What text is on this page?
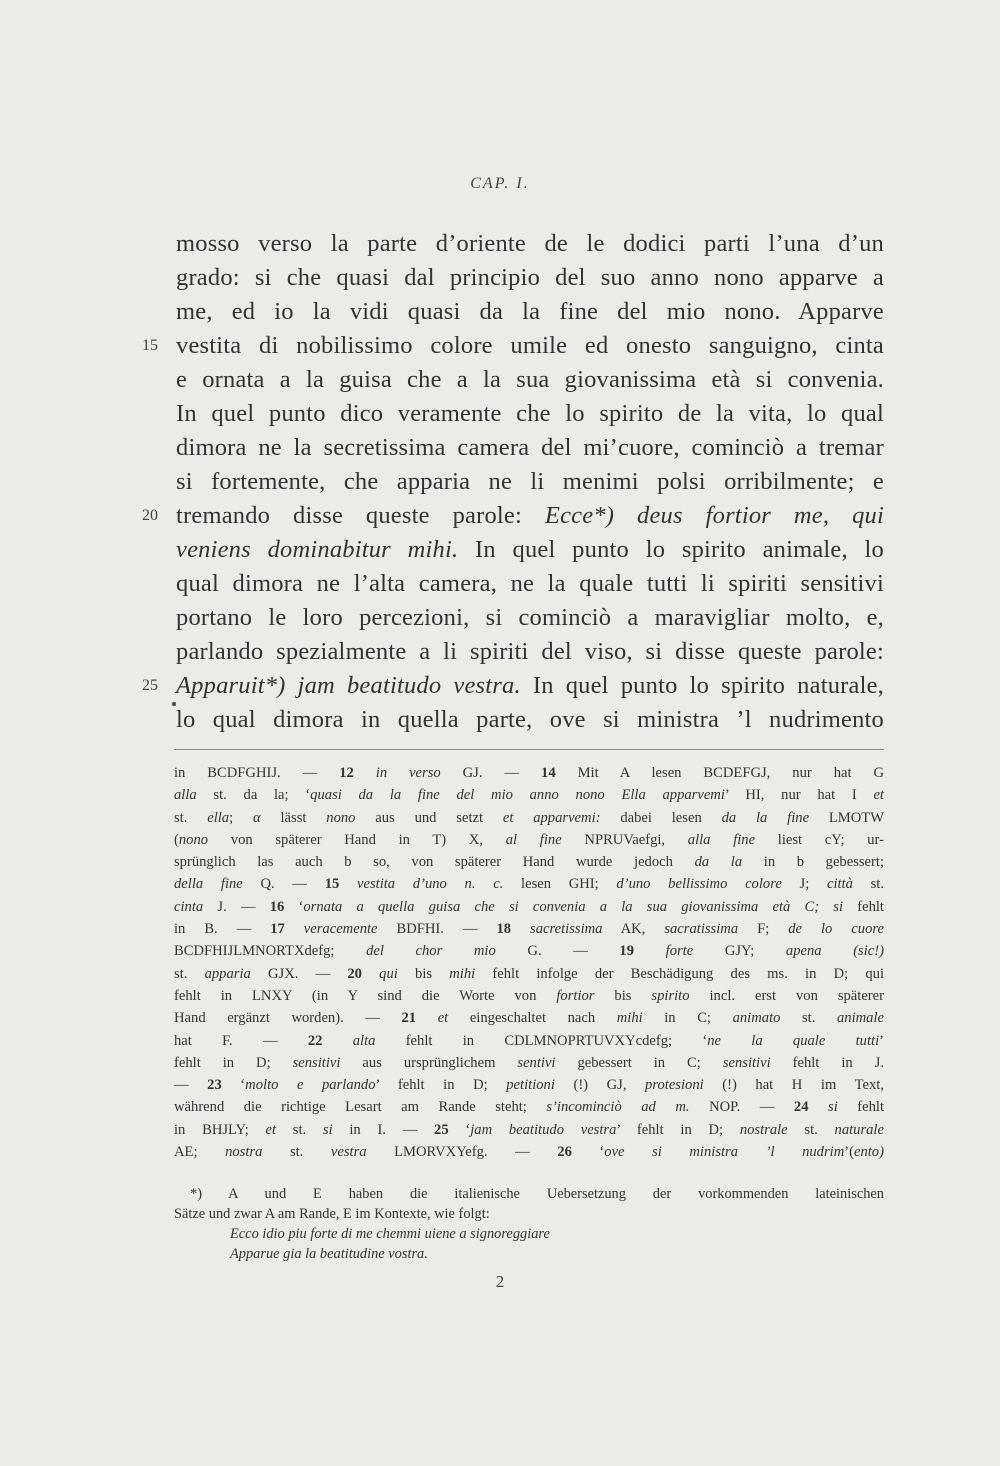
CAP. I.
mosso verso la parte d’oriente de le dodici parti l’una d’un
grado: si che quasi dal principio del suo anno nono apparve a
me, ed io la vidi quasi da la fine del mio nono. Apparve
15 vestita di nobilissimo colore umile ed onesto sanguigno, cinta
e ornata a la guisa che a la sua giovanissima età si convenia.
In quel punto dico veramente che lo spirito de la vita, lo qual
dimora ne la secretissima camera del mi’cuore, cominciò a tremar
si fortemente, che apparia ne li menimi polsi orribilmente; e
20 tremando disse queste parole: Ecce*) deus fortior me, qui
veniens dominabitur mihi. In quel punto lo spirito animale, lo
qual dimora ne l’alta camera, ne la quale tutti li spiriti sensitivi
portano le loro percezioni, si cominciò a maravigliar molto, e,
parlando spezialmente a li spiriti del viso, si disse queste parole:
25 Apparuit*) jam beatitudo vestra. In quel punto lo spirito naturale,
lo qual dimora in quella parte, ove si ministra ’l nudrimento
in BCDFGHIJ. — 12 in verso GJ. — 14 Mit A lesen BCDEFGJ, nur hat G
alla st. da la; ‘quasi da la fine del mio anno nono Ella apparvemi’ HI, nur hat I et
st. ella; α lässt nono aus und setzt et apparvemi: dabei lesen da la fine LMOTW
(nono von späterer Hand in T) X, al fine NPRUVaefgi, alla fine liest cY; ur-
sprünglich las auch b so, von späterer Hand wurde jedoch da la in b gebessert;
della fine Q. — 15 vestita d’uno n. c. lesen GHI; d’uno bellissimo colore J; città st.
cinta J. — 16 ‘ornata a quella guisa che si convenia a la sua giovanissima età C; si fehlt
in B. — 17 veracemente BDFHI. — 18 sacretissima AK, sacratissima F; de lo cuore
BCDFHIJLMNORTXdefg; del chor mio G. — 19 forte GJY; apena (sic!)
st. apparia GJX. — 20 qui bis mihi fehlt infolge der Beschädigung des ms. in D; qui
fehlt in LNXY (in Y sind die Worte von fortior bis spirito incl. erst von späterer
Hand ergänzt worden). — 21 et eingeschaltet nach mihi in C; animato st. animale
hat F. — 22 alta fehlt in CDLMNOPRTUVXYcdefg; ‘ne la quale tutti’
fehlt in D; sensitivi aus ursprünglichem sentivi gebessert in C; sensitivi fehlt in J.
— 23 ‘molto e parlando’ fehlt in D; petitioni (!) GJ, protesioni (!) hat H im Text,
während die richtige Lesart am Rande steht; s’incominciò ad m. NOP. — 24 si fehlt
in BHJLY; et st. si in I. — 25 ‘jam beatitudo vestra’ fehlt in D; nostrale st. naturale
AE; nostra st. vestra LMORVXYefg. — 26 ‘ove si ministra ’l nudrim’(ento)
*) A und E haben die italienische Uebersetzung der vorkommenden lateinischen
Sätze und zwar A am Rande, E im Kontexte, wie folgt:
Ecco idio piu forte di me chemmi uiene a signoreggiare
Apparue gia la beatitudine vostra.
2
